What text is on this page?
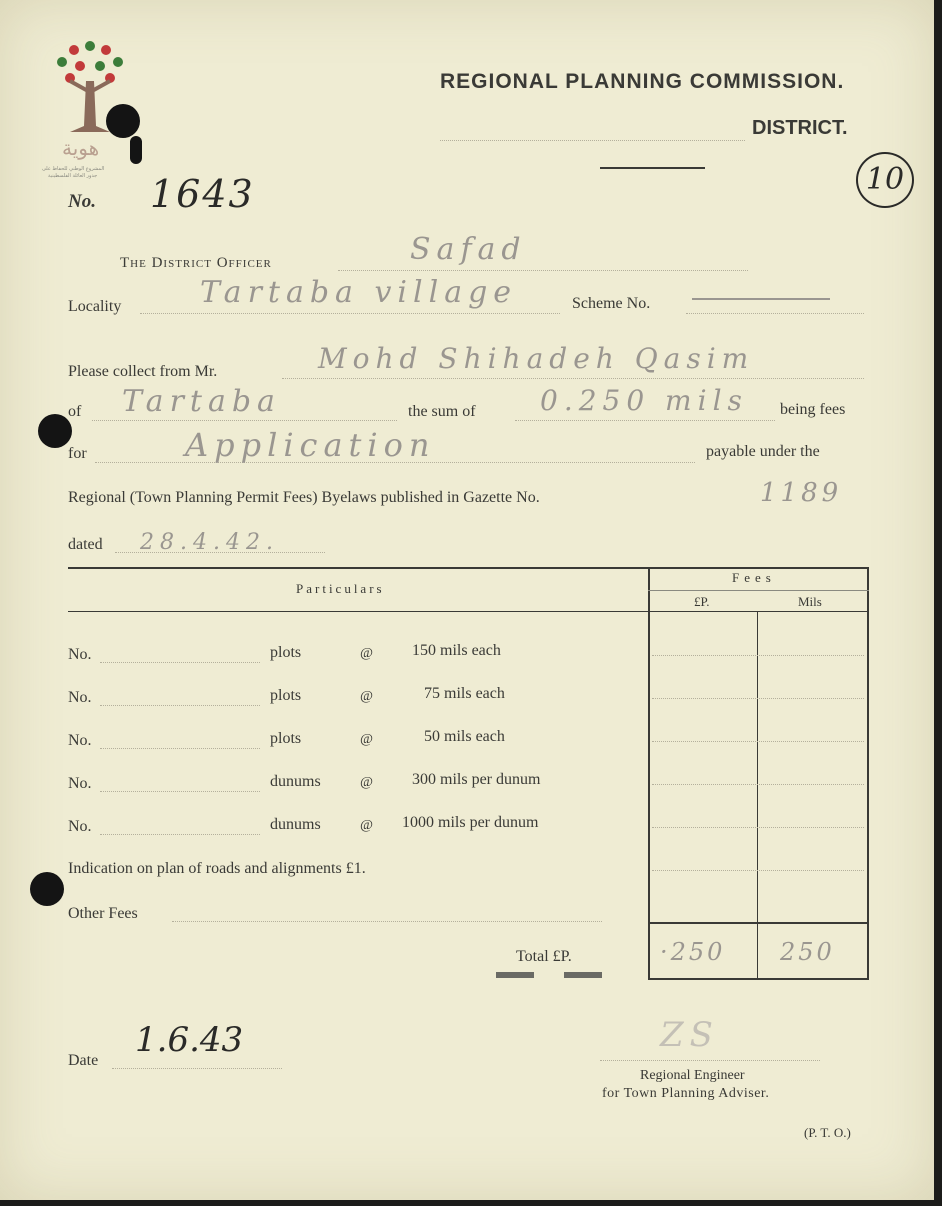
هوية
المشروع الوطني للحفاظ على
جذور العائلة الفلسطينية
REGIONAL PLANNING COMMISSION.
DISTRICT.
10
No. 1643
The District Officer	Safad
Locality	Tartaba village	Scheme No.
Please collect from Mr.	Mohd Shihadeh Qasim
of Tartaba	the sum of 0.250 mils being fees
for	Application	payable under the
Regional (Town Planning Permit Fees) Byelaws published in Gazette No.	1189
dated 28.4.42.
Particulars
Fees
£P.	Mils
No.	plots	@ 150 mils each
No.	plots	@	75 mils each
No.	plots	@	50 mils each
No.	dunums	@ 300 mils per dunum
No.	dunums	@ 1000 mils per dunum
Indication on plan of roads and alignments £1.
Other Fees
Total £P.	·250 250
Date
1.6.43	ZS
Regional Engineer
for Town Planning Adviser.
(P. T. O.)
